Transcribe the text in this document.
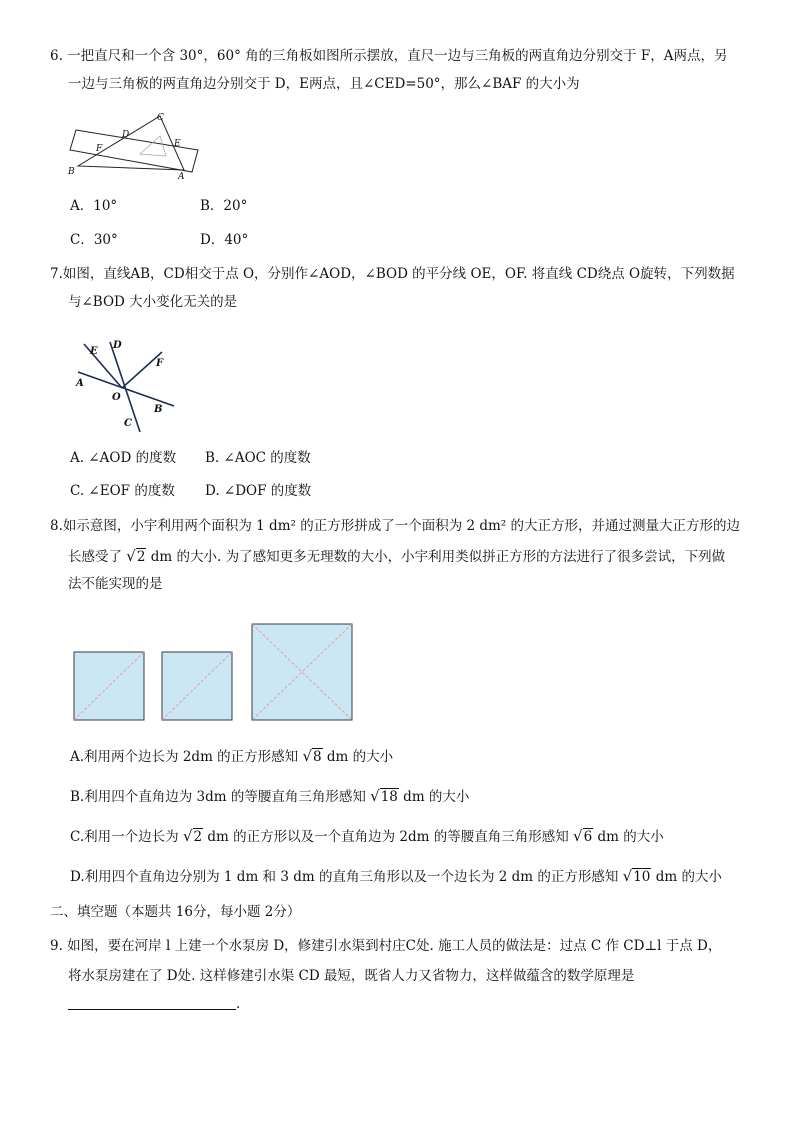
6. 一把直尺和一个含 30°，60° 角的三角板如图所示摆放，直尺一边与三角板的两直角边分别交于 F，A两点，另
一边与三角板的两直角边分别交于 D，E两点，且∠CED=50°，那么∠BAF 的大小为
C
D
E
F
B	A
A．10°	B．20°
C．30°	D．40°
7.如图，直线AB，CD相交于点 O，分别作∠AOD，∠BOD 的平分线 OE，OF. 将直线 CD绕点 O旋转，下列数据
与∠BOD 大小变化无关的是
E
D
F
A
O
B
C
A. ∠AOD 的度数 B. ∠AOC 的度数
C. ∠EOF 的度数 D. ∠DOF 的度数
8.如示意图，小宇利用两个面积为 1 dm² 的正方形拼成了一个面积为 2 dm² 的大正方形，并通过测量大正方形的边
长感受了 √2 dm 的大小. 为了感知更多无理数的大小，小宇利用类似拼正方形的方法进行了很多尝试，下列做
法不能实现的是
A.利用两个边长为 2dm 的正方形感知 √8 dm 的大小
B.利用四个直角边为 3dm 的等腰直角三角形感知 √18 dm 的大小
C.利用一个边长为 √2 dm 的正方形以及一个直角边为 2dm 的等腰直角三角形感知 √6 dm 的大小
D.利用四个直角边分别为 1 dm 和 3 dm 的直角三角形以及一个边长为 2 dm 的正方形感知 √10 dm 的大小
二、填空题（本题共 16分，每小题 2分）
9. 如图，要在河岸 l 上建一个水泵房 D，修建引水渠到村庄C处. 施工人员的做法是：过点 C 作 CD⊥l 于点 D，
将水泵房建在了 D处. 这样修建引水渠 CD 最短，既省人力又省物力，这样做蕴含的数学原理是
.
